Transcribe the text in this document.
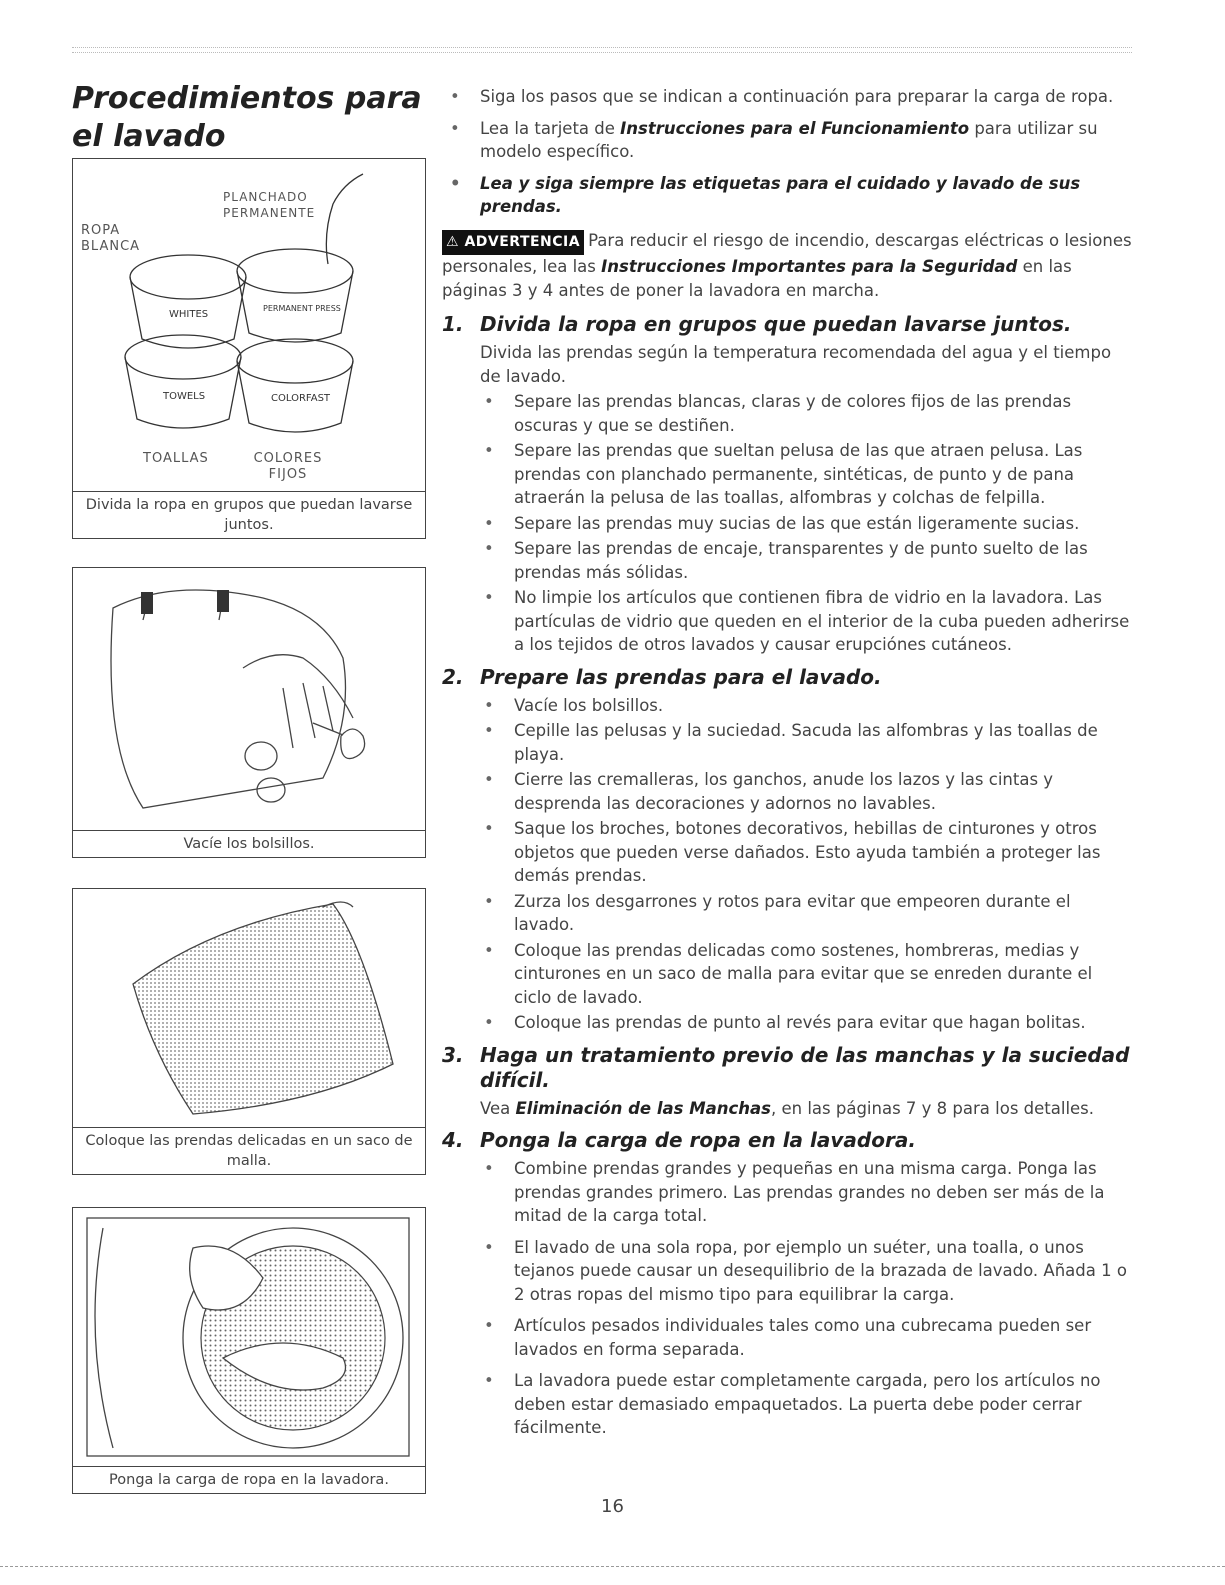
Procedimientos para el lavado
ROPA BLANCA
PLANCHADO PERMANENTE
TOALLAS	COLORES FIJOS
WHITES
PERMANENT PRESS
TOWELS	COLORFAST
Divida la ropa en grupos que puedan lavarse juntos.
Vacíe los bolsillos.
Coloque las prendas delicadas en un saco de malla.
Ponga la carga de ropa en la lavadora.
• Siga los pasos que se indican a continuación para preparar la carga de ropa.
• Lea la tarjeta de Instrucciones para el Funcionamiento para utilizar su modelo específico.
• Lea y siga siempre las etiquetas para el cuidado y lavado de sus prendas.
⚠ ADVERTENCIA Para reducir el riesgo de incendio, descargas eléctricas o lesiones personales, lea las Instrucciones Importantes para la Seguridad en las páginas 3 y 4 antes de poner la lavadora en marcha.
1. Divida la ropa en grupos que puedan lavarse juntos.
Divida las prendas según la temperatura recomendada del agua y el tiempo de lavado.
• Separe las prendas blancas, claras y de colores fijos de las prendas oscuras y que se destiñen.
• Separe las prendas que sueltan pelusa de las que atraen pelusa. Las prendas con planchado permanente, sintéticas, de punto y de pana atraerán la pelusa de las toallas, alfombras y colchas de felpilla.
• Separe las prendas muy sucias de las que están ligeramente sucias.
• Separe las prendas de encaje, transparentes y de punto suelto de las prendas más sólidas.
• No limpie los artículos que contienen fibra de vidrio en la lavadora. Las partículas de vidrio que queden en el interior de la cuba pueden adherirse a los tejidos de otros lavados y causar erupciónes cutáneos.
2. Prepare las prendas para el lavado.
• Vacíe los bolsillos.
• Cepille las pelusas y la suciedad. Sacuda las alfombras y las toallas de playa.
• Cierre las cremalleras, los ganchos, anude los lazos y las cintas y desprenda las decoraciones y adornos no lavables.
• Saque los broches, botones decorativos, hebillas de cinturones y otros objetos que pueden verse dañados. Esto ayuda también a proteger las demás prendas.
• Zurza los desgarrones y rotos para evitar que empeoren durante el lavado.
• Coloque las prendas delicadas como sostenes, hombreras, medias y cinturones en un saco de malla para evitar que se enreden durante el ciclo de lavado.
• Coloque las prendas de punto al revés para evitar que hagan bolitas.
3. Haga un tratamiento previo de las manchas y la suciedad difícil.
Vea Eliminación de las Manchas, en las páginas 7 y 8 para los detalles.
4. Ponga la carga de ropa en la lavadora.
• Combine prendas grandes y pequeñas en una misma carga. Ponga las prendas grandes primero. Las prendas grandes no deben ser más de la mitad de la carga total.
• El lavado de una sola ropa, por ejemplo un suéter, una toalla, o unos tejanos puede causar un desequilibrio de la brazada de lavado. Añada 1 o 2 otras ropas del mismo tipo para equilibrar la carga.
• Artículos pesados individuales tales como una cubrecama pueden ser lavados en forma separada.
• La lavadora puede estar completamente cargada, pero los artículos no deben estar demasiado empaquetados. La puerta debe poder cerrar fácilmente.
16
